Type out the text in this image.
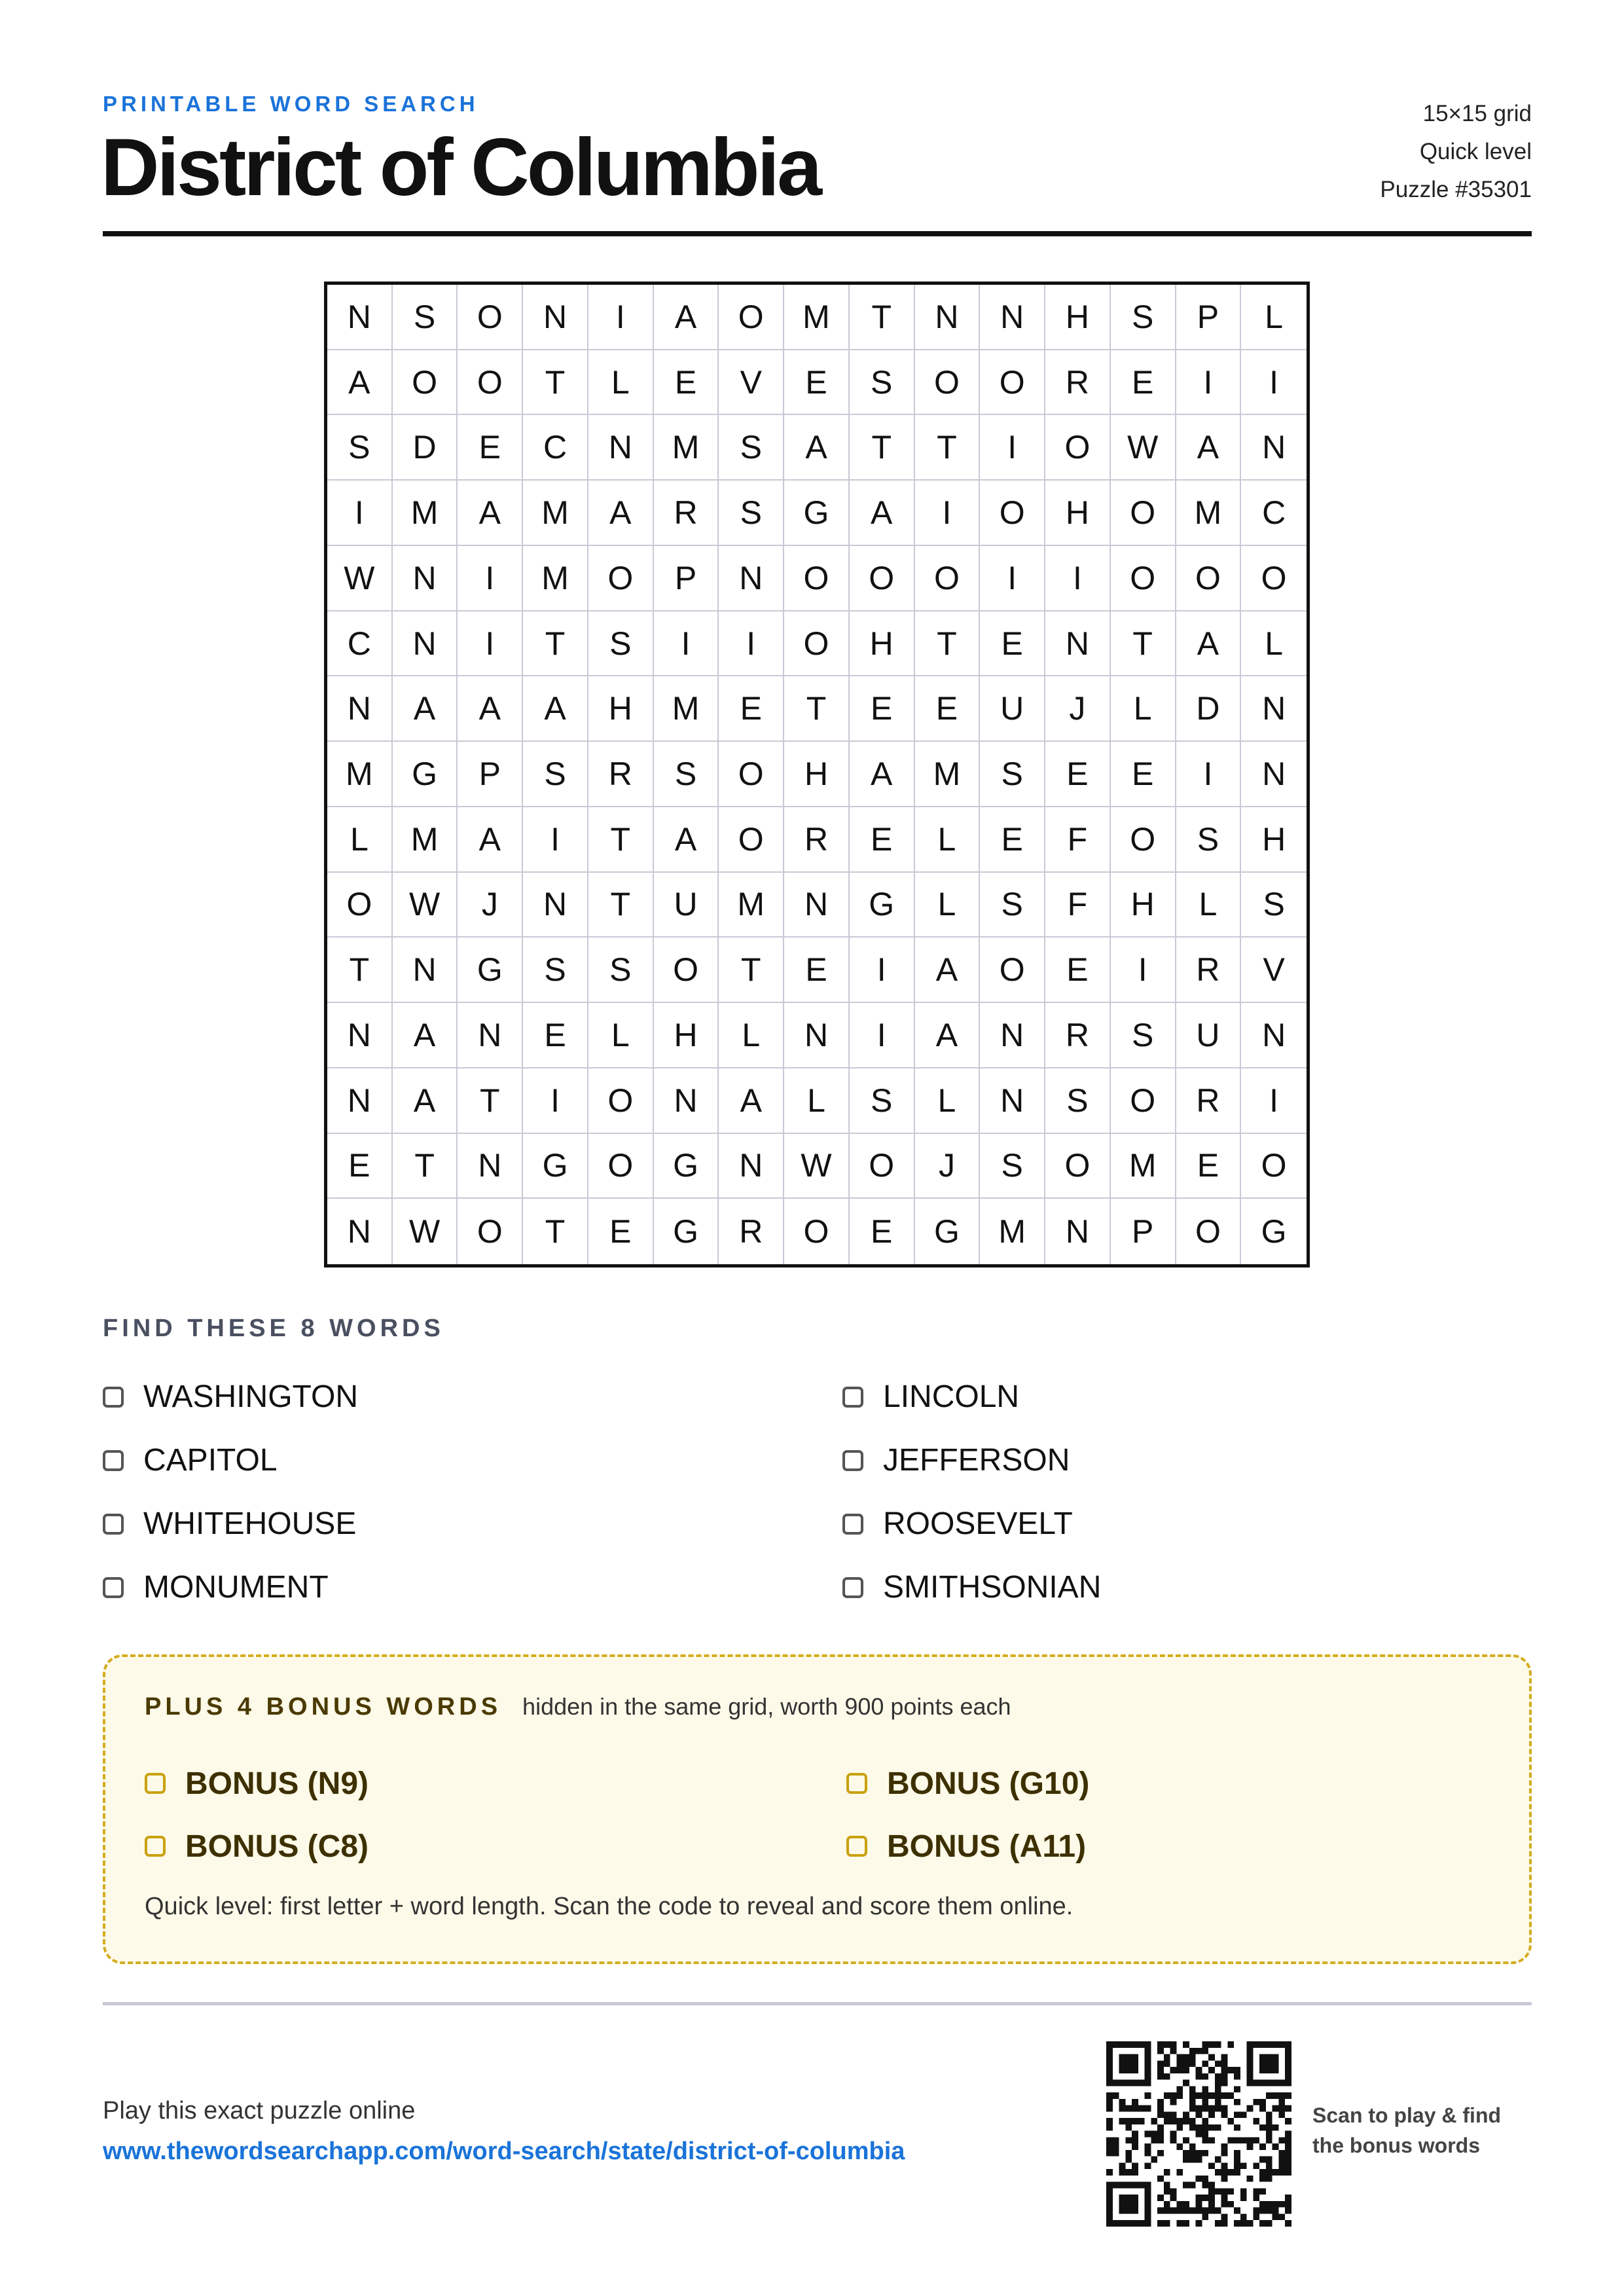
PRINTABLE WORD SEARCH
District of Columbia
15×15 grid
Quick level
Puzzle #35301
N	S	O	N	I	A	O	M	T	N	N	H	S	P	L
A	O	O	T	L	E	V	E	S	O	O	R	E	I	I
S	D	E	C	N	M	S	A	T	T	I	O	W	A	N
I	M	A	M	A	R	S	G	A	I	O	H	O	M	C
W	N	I	M	O	P	N	O	O	O	I	I	O	O	O
C	N	I	T	S	I	I	O	H	T	E	N	T	A	L
N	A	A	A	H	M	E	T	E	E	U	J	L	D	N
M	G	P	S	R	S	O	H	A	M	S	E	E	I	N
L	M	A	I	T	A	O	R	E	L	E	F	O	S	H
O	W	J	N	T	U	M	N	G	L	S	F	H	L	S
T	N	G	S	S	O	T	E	I	A	O	E	I	R	V
N	A	N	E	L	H	L	N	I	A	N	R	S	U	N
N	A	T	I	O	N	A	L	S	L	N	S	O	R	I
E	T	N	G	O	G	N	W	O	J	S	O	M	E	O
N	W	O	T	E	G	R	O	E	G	M	N	P	O	G
FIND THESE 8 WORDS
WASHINGTON	LINCOLN
CAPITOL	JEFFERSON
WHITEHOUSE	ROOSEVELT
MONUMENT	SMITHSONIAN
PLUS 4 BONUS WORDS hidden in the same grid, worth 900 points each
BONUS (N9)	BONUS (G10)
BONUS (C8)	BONUS (A11)
Quick level: first letter + word length. Scan the code to reveal and score them online.
Play this exact puzzle online
www.thewordsearchapp.com/word-search/state/district-of-columbia
Scan to play & find the bonus words
